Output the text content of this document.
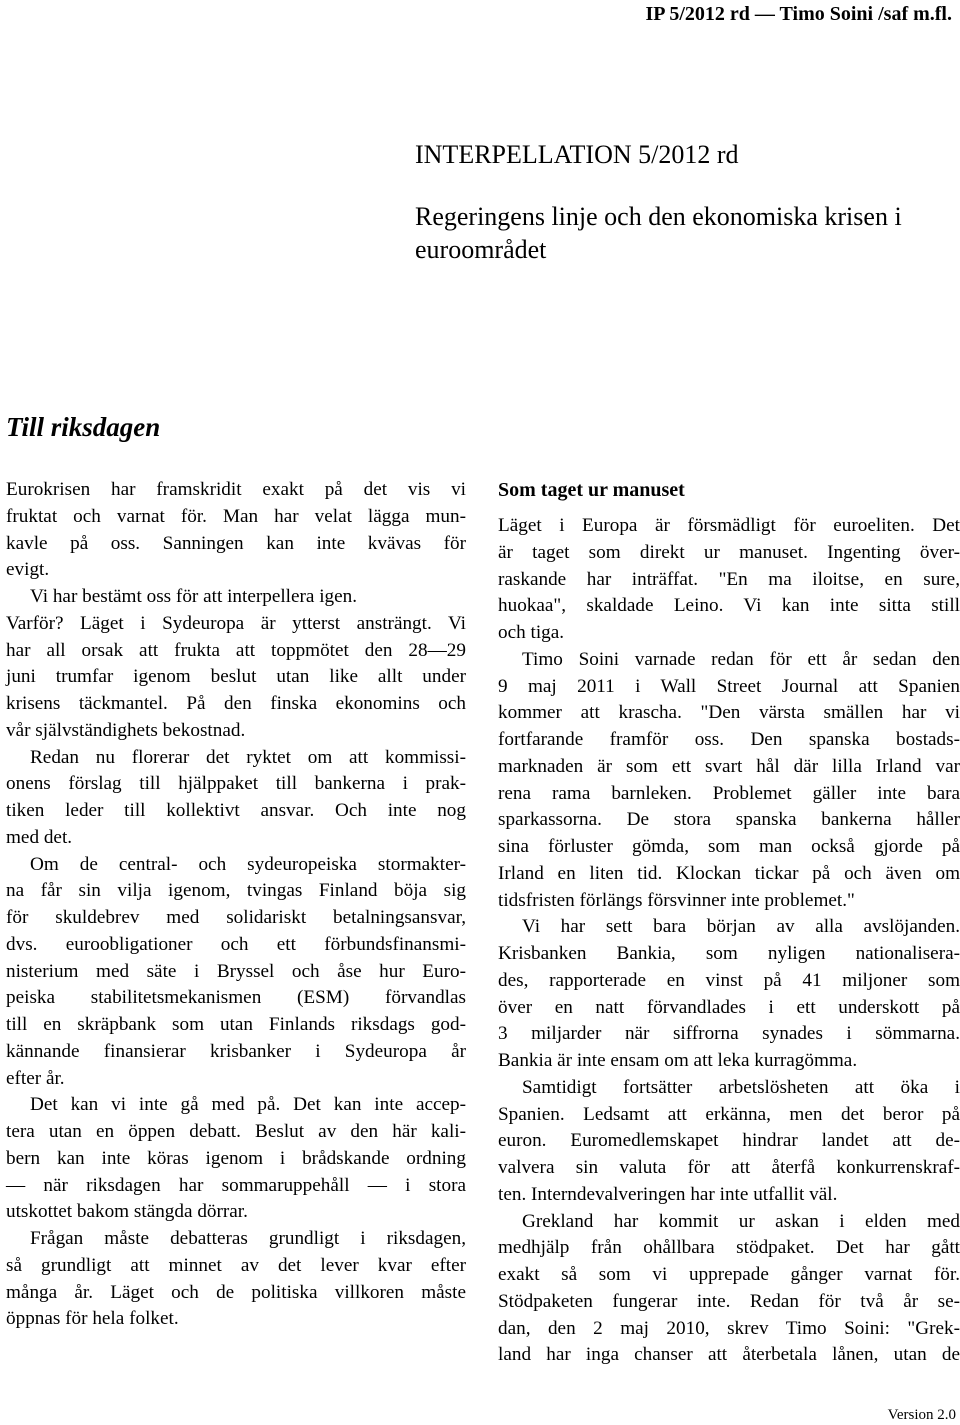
IP 5/2012 rd — Timo Soini /saf m.fl.
INTERPELLATION 5/2012 rd
Regeringens linje och den ekonomiska krisen i
euroområdet
Till riksdagen
Eurokrisen har framskridit exakt på det vis vi
fruktat och varnat för. Man har velat lägga mun-
kavle på oss. Sanningen kan inte kvävas för
evigt.
Vi har bestämt oss för att interpellera igen.
Varför? Läget i Sydeuropa är ytterst ansträngt. Vi
har all orsak att frukta att toppmötet den 28—29
juni trumfar igenom beslut utan like allt under
krisens täckmantel. På den finska ekonomins och
vår självständighets bekostnad.
Redan nu florerar det ryktet om att kommissi-
onens förslag till hjälppaket till bankerna i prak-
tiken leder till kollektivt ansvar. Och inte nog
med det.
Om de central- och sydeuropeiska stormakter-
na får sin vilja igenom, tvingas Finland böja sig
för skuldebrev med solidariskt betalningsansvar,
dvs. euroobligationer och ett förbundsfinansmi-
nisterium med säte i Bryssel och åse hur Euro-
peiska stabilitetsmekanismen (ESM) förvandlas
till en skräpbank som utan Finlands riksdags god-
kännande finansierar krisbanker i Sydeuropa år
efter år.
Det kan vi inte gå med på. Det kan inte accep-
tera utan en öppen debatt. Beslut av den här kali-
bern kan inte köras igenom i brådskande ordning
— när riksdagen har sommaruppehåll — i stora
utskottet bakom stängda dörrar.
Frågan måste debatteras grundligt i riksdagen,
så grundligt att minnet av det lever kvar efter
många år. Läget och de politiska villkoren måste
öppnas för hela folket.
Som taget ur manuset
Läget i Europa är försmädligt för euroeliten. Det
är taget som direkt ur manuset. Ingenting över-
raskande har inträffat. "En ma iloitse, en sure,
huokaa", skaldade Leino. Vi kan inte sitta still
och tiga.
Timo Soini varnade redan för ett år sedan den
9 maj 2011 i Wall Street Journal att Spanien
kommer att krascha. "Den värsta smällen har vi
fortfarande framför oss. Den spanska bostads-
marknaden är som ett svart hål där lilla Irland var
rena rama barnleken. Problemet gäller inte bara
sparkassorna. De stora spanska bankerna håller
sina förluster gömda, som man också gjorde på
Irland en liten tid. Klockan tickar på och även om
tidsfristen förlängs försvinner inte problemet."
Vi har sett bara början av alla avslöjanden.
Krisbanken Bankia, som nyligen nationalisera-
des, rapporterade en vinst på 41 miljoner som
över en natt förvandlades i ett underskott på
3 miljarder när siffrorna synades i sömmarna.
Bankia är inte ensam om att leka kurragömma.
Samtidigt fortsätter arbetslösheten att öka i
Spanien. Ledsamt att erkänna, men det beror på
euron. Euromedlemskapet hindrar landet att de-
valvera sin valuta för att återfå konkurrenskraf-
ten. Interndevalveringen har inte utfallit väl.
Grekland har kommit ur askan i elden med
medhjälp från ohållbara stödpaket. Det har gått
exakt så som vi upprepade gånger varnat för.
Stödpaketen fungerar inte. Redan för två år se-
dan, den 2 maj 2010, skrev Timo Soini: "Grek-
land har inga chanser att återbetala lånen, utan de
Version 2.0
